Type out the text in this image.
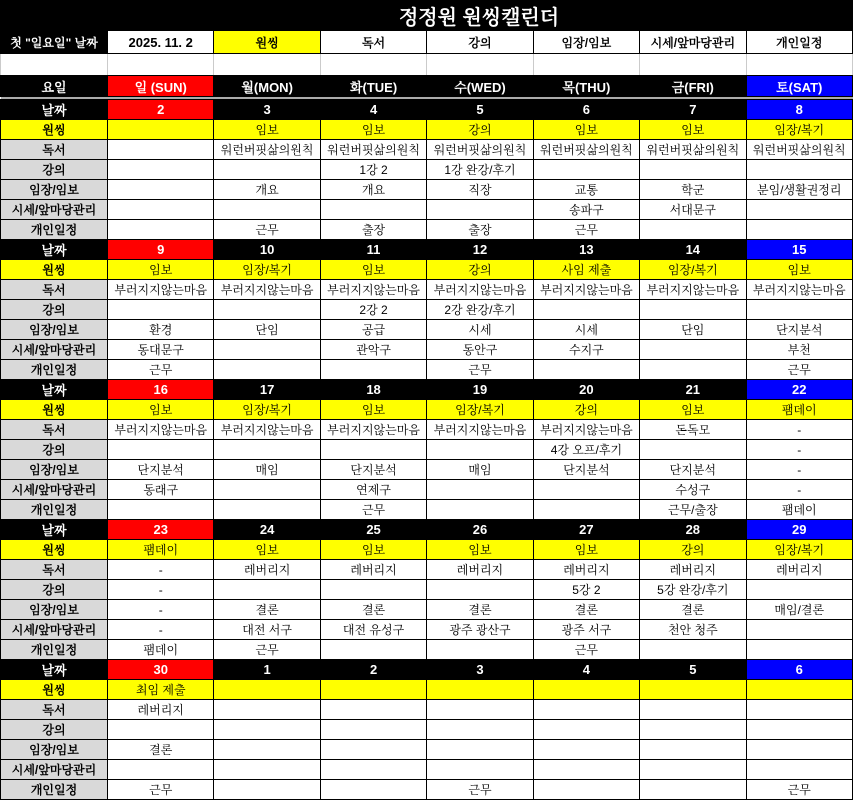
정정원 원씽캘린더							
첫 "일요일" 날짜	2025. 11. 2	원씽	독서	강의	임장/임보	시세/앞마당관리	개인일정

요일	일 (SUN)	월(MON)	화(TUE)	수(WED)	목(THU)	금(FRI)	토(SAT)

날짜	2	3	4	5	6	7	8
원씽		임보	임보	강의	임보	임보	임장/복기
독서		워런버핏삶의원칙	워런버핏삶의원칙	워런버핏삶의원칙	워런버핏삶의원칙	워런버핏삶의원칙	워런버핏삶의원칙
강의			1강 2	1강 완강/후기			
임장/임보		개요	개요	직장	교통	학군	분임/생활권정리
시세/앞마당관리					송파구	서대문구	
개인일정		근무	출장	출장	근무		
날짜	9	10	11	12	13	14	15
원씽	임보	임장/복기	임보	강의	사임 제출	임장/복기	임보
독서	부러지지않는마음	부러지지않는마음	부러지지않는마음	부러지지않는마음	부러지지않는마음	부러지지않는마음	부러지지않는마음
강의			2강 2	2강 완강/후기			
임장/임보	환경	단임	공급	시세	시세	단임	단지분석
시세/앞마당관리	동대문구		관악구	동안구	수지구		부천
개인일정	근무			근무			근무
날짜	16	17	18	19	20	21	22
원씽	임보	임장/복기	임보	임장/복기	강의	임보	팸데이
독서	부러지지않는마음	부러지지않는마음	부러지지않는마음	부러지지않는마음	부러지지않는마음	돈독모	-
강의					4강 오프/후기		-
임장/임보	단지분석	매임	단지분석	매임	단지분석	단지분석	-
시세/앞마당관리	동래구		연제구			수성구	-
개인일정			근무			근무/출장	팸데이
날짜	23	24	25	26	27	28	29
원씽	팸데이	임보	임보	임보	임보	강의	임장/복기
독서	-	레버리지	레버리지	레버리지	레버리지	레버리지	레버리지
강의	-				5강 2	5강 완강/후기	
임장/임보	-	결론	결론	결론	결론	결론	매임/결론
시세/앞마당관리	-	대전 서구	대전 유성구	광주 광산구	광주 서구	천안 청주	
개인일정	팸데이	근무			근무		
날짜	30	1	2	3	4	5	6
원씽	최임 제출						
독서	레버리지						
강의							
임장/임보	결론						
시세/앞마당관리							
개인일정	근무			근무			근무
